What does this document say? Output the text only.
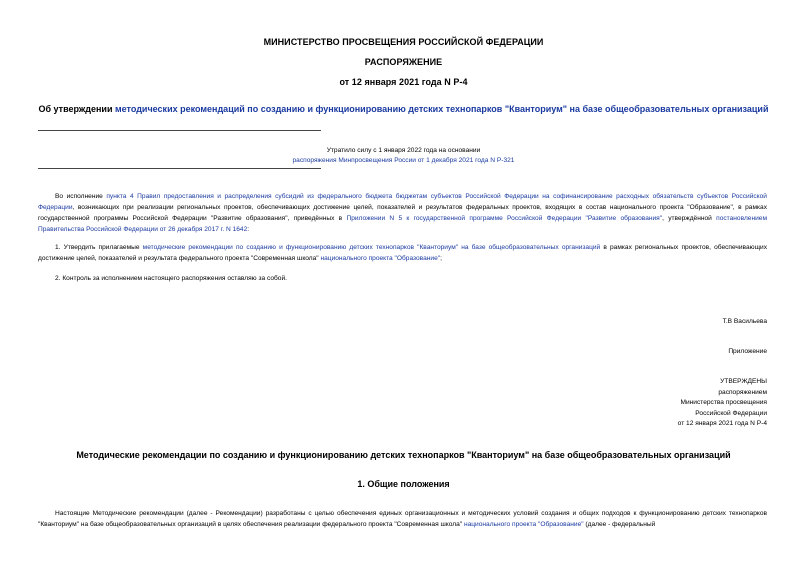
МИНИСТЕРСТВО ПРОСВЕЩЕНИЯ РОССИЙСКОЙ ФЕДЕРАЦИИ
РАСПОРЯЖЕНИЕ
от 12 января 2021 года N Р-4
Об утверждении методических рекомендаций по созданию и функционированию детских технопарков "Кванториум" на базе общеобразовательных организаций
Утратило силу с 1 января 2022 года на основании
распоряжения Минпросвещения России от 1 декабря 2021 года N Р-321
Во исполнение пункта 4 Правил предоставления и распределения субсидий из федерального бюджета бюджетам субъектов Российской Федерации на софинансирование расходных обязательств субъектов Российской Федерации, возникающих при реализации региональных проектов, обеспечивающих достижение целей, показателей и результатов федеральных проектов, входящих в состав национального проекта "Образование", в рамках государственной программы Российской Федерации "Развитие образования", приведённых в Приложении N 5 к государственной программе Российской Федерации "Развитие образования", утверждённой постановлением Правительства Российской Федерации от 26 декабря 2017 г. N 1642:
1. Утвердить прилагаемые методические рекомендации по созданию и функционированию детских технопарков "Кванториум" на базе общеобразовательных организаций в рамках региональных проектов, обеспечивающих достижение целей, показателей и результата федерального проекта "Современная школа" национального проекта "Образование";
2. Контроль за исполнением настоящего распоряжения оставляю за собой.
Т.В Васильева
Приложение
УТВЕРЖДЕНЫ
распоряжением
Министерства просвещения
Российской Федерации
от 12 января 2021 года N Р-4
Методические рекомендации по созданию и функционированию детских технопарков "Кванториум" на базе общеобразовательных организаций
1. Общие положения
Настоящие Методические рекомендации (далее - Рекомендации) разработаны с целью обеспечения единых организационных и методических условий создания и общих подходов к функционированию детских технопарков "Кванториум" на базе общеобразовательных организаций в целях обеспечения реализации федерального проекта "Современная школа" национального проекта "Образование" (далее - федеральный
